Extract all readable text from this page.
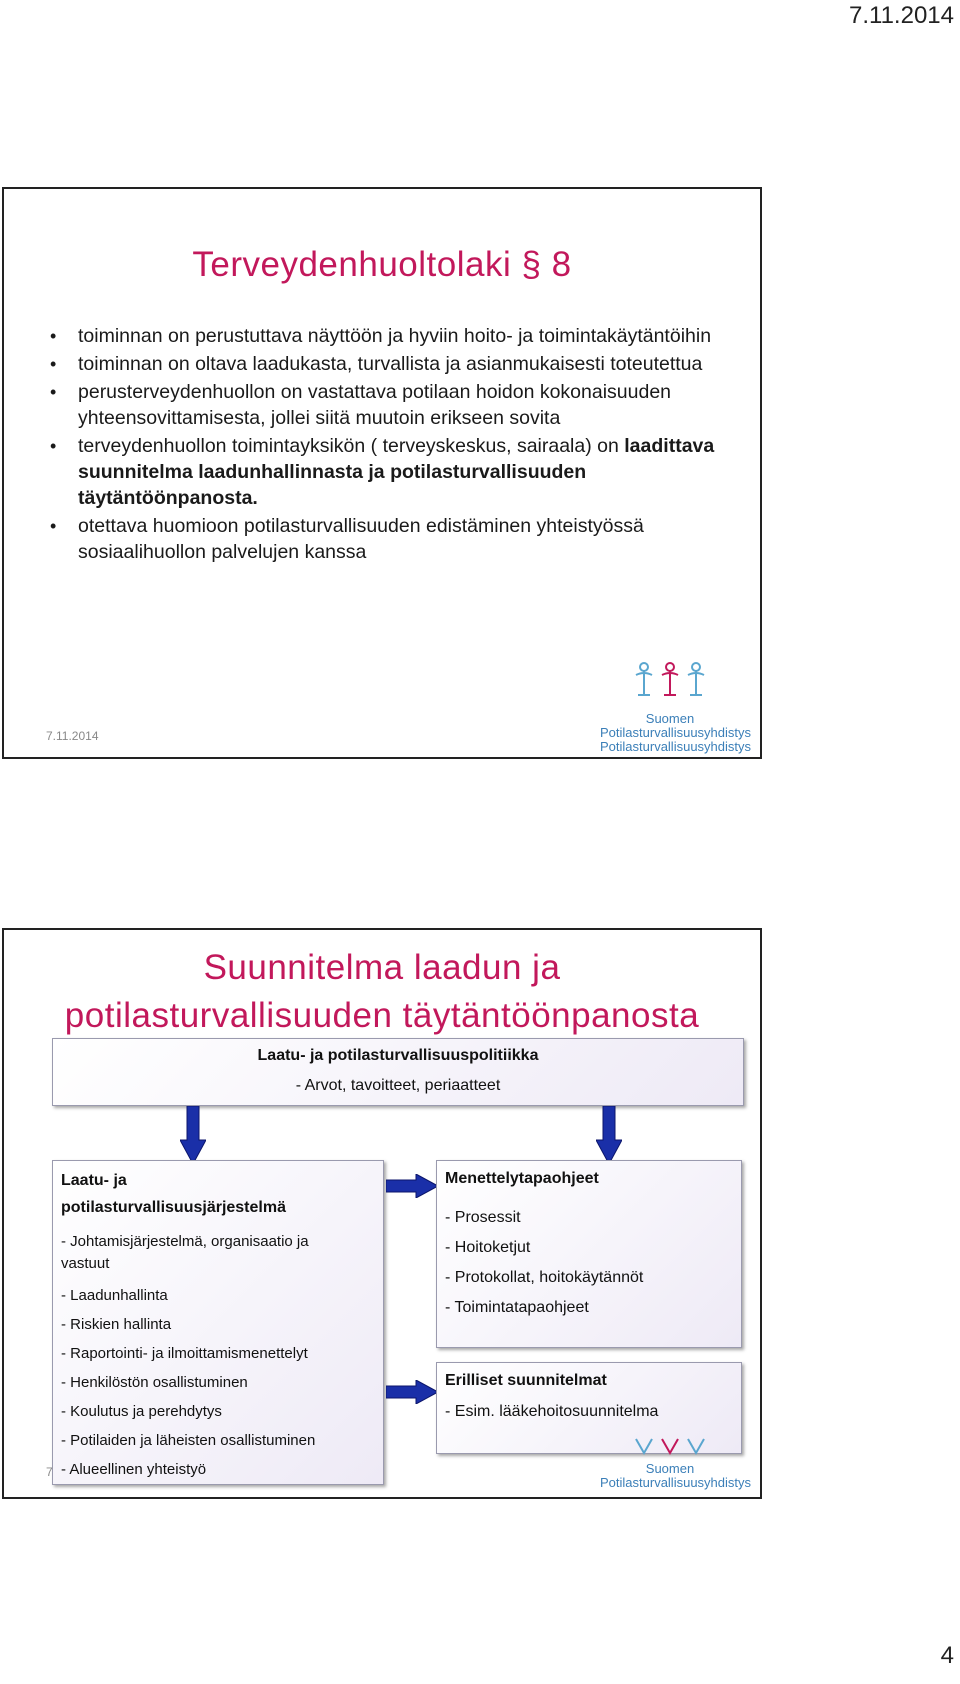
7.11.2014
Terveydenhuoltolaki § 8
• toiminnan on perustuttava näyttöön ja hyviin hoito- ja toimintakäytäntöihin
• toiminnan on oltava laadukasta, turvallista ja asianmukaisesti toteutettua
• perusterveydenhuollon on vastattava potilaan hoidon kokonaisuuden yhteensovittamisesta, jollei siitä muutoin erikseen sovita
• terveydenhuollon toimintayksikön ( terveyskeskus, sairaala) on laadittava suunnitelma laadunhallinnasta ja potilasturvallisuuden täytäntöönpanosta.
• otettava huomioon potilasturvallisuuden edistäminen yhteistyössä sosiaalihuollon palvelujen kanssa
7.11.2014
Suomen
Potilasturvallisuusyhdistys
Potilasturvallisuusyhdistys
Suunnitelma laadun ja
potilasturvallisuuden täytäntöönpanosta
Laatu- ja potilasturvallisuuspolitiikka
- Arvot, tavoitteet, periaatteet
Laatu- ja
potilasturvallisuusjärjestelmä
- Johtamisjärjestelmä, organisaatio ja vastuut
- Laadunhallinta
- Riskien hallinta
- Raportointi- ja ilmoittamismenettelyt
- Henkilöstön osallistuminen
- Koulutus ja perehdytys
- Potilaiden ja läheisten osallistuminen
- Alueellinen yhteistyö
Menettelytapaohjeet
- Prosessit
- Hoitoketjut
- Protokollat, hoitokäytännöt
- Toimintatapaohjeet
Erilliset suunnitelmat
- Esim. lääkehoitosuunnitelma
7	Suomen
Potilasturvallisuusyhdistys
4
